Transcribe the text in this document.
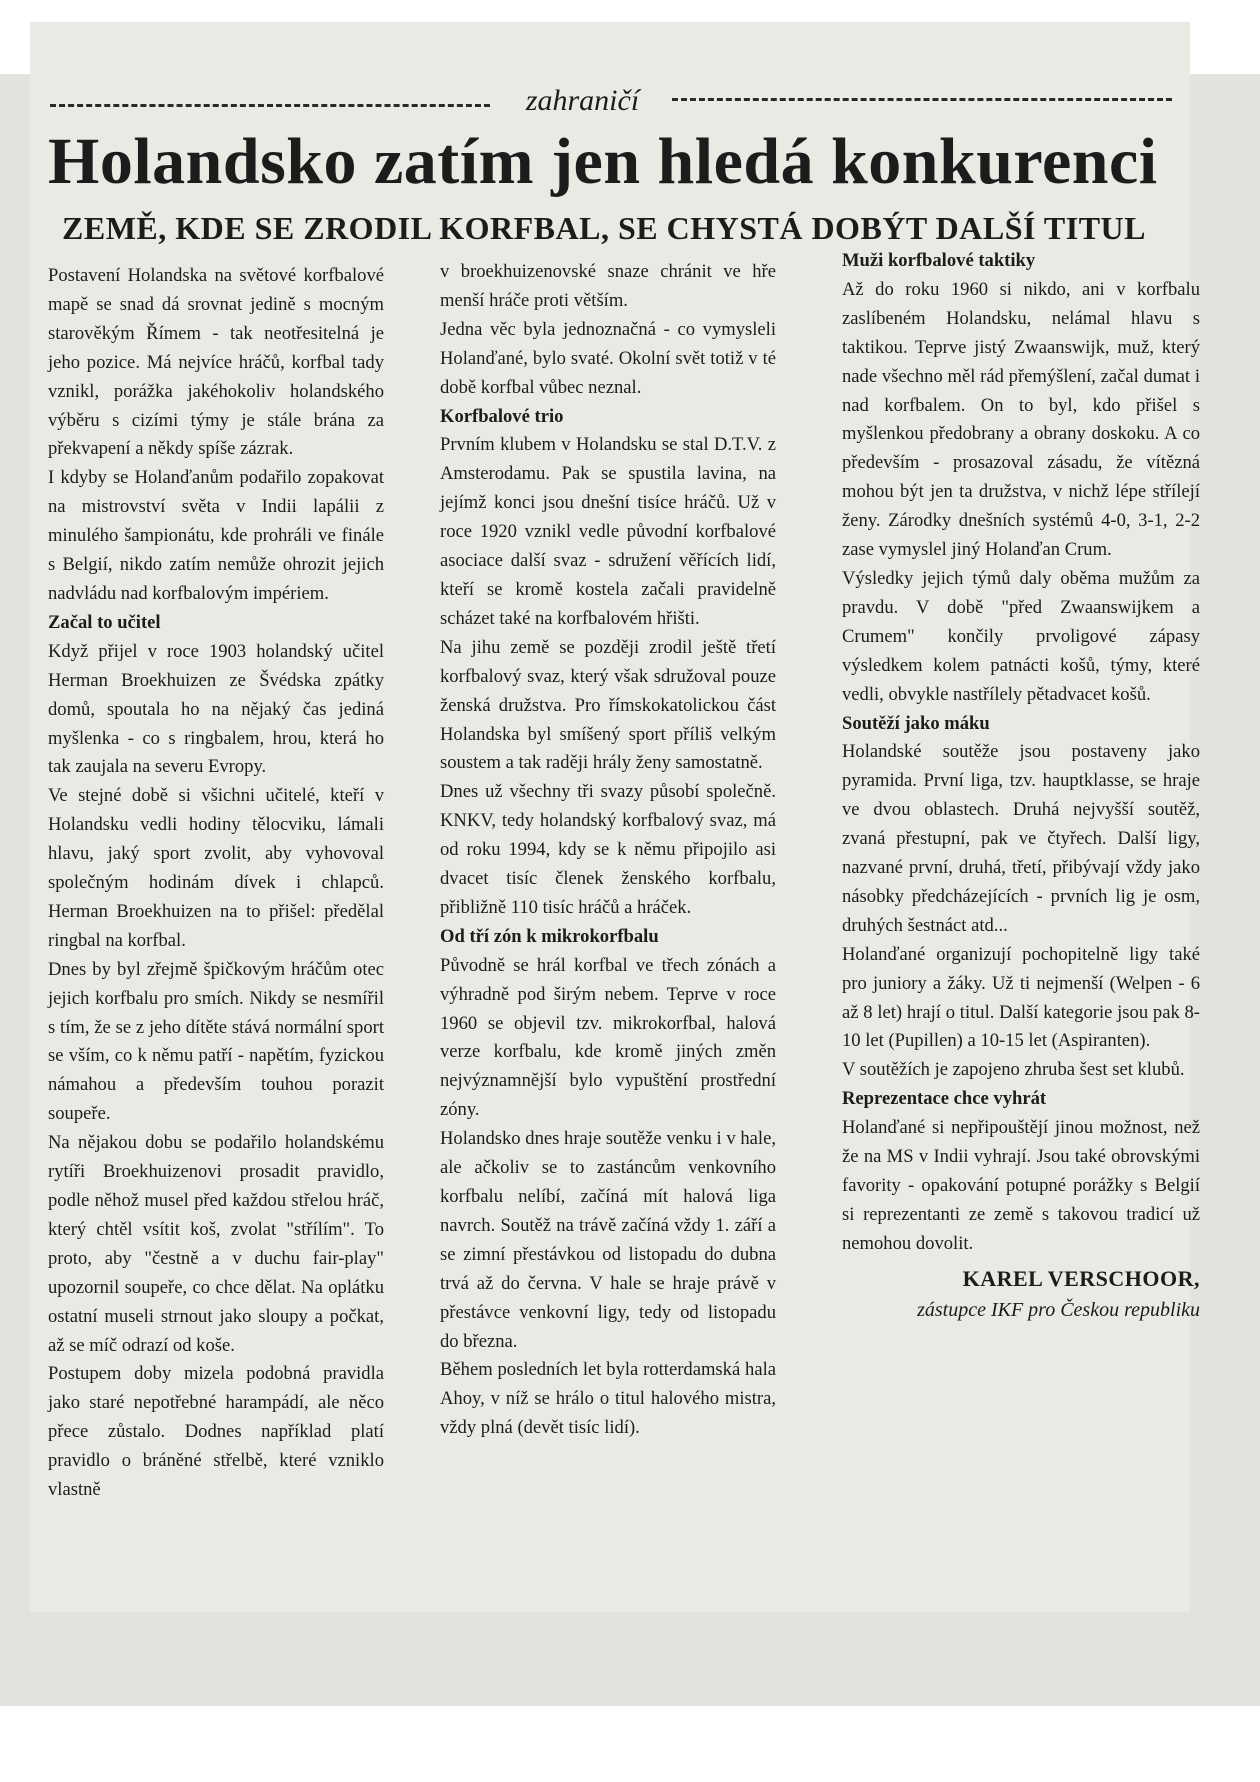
zahraničí
Holandsko zatím jen hledá konkurenci
ZEMĚ, KDE SE ZRODIL KORFBAL, SE CHYSTÁ DOBÝT DALŠÍ TITUL

Postavení Holandska na světové korfbalové mapě se snad dá srovnat jedině s mocným starověkým Římem - tak neotřesitelná je jeho pozice. Má nejvíce hráčů, korfbal tady vznikl, porážka jakéhokoliv holandského výběru s cizími týmy je stále brána za překvapení a někdy spíše zázrak.

I kdyby se Holanďanům podařilo zopakovat na mistrovství světa v Indii lapálii z minulého šampionátu, kde prohráli ve finále s Belgií, nikdo zatím nemůže ohrozit jejich nadvládu nad korfbalovým impériem.

Začal to učitel

Když přijel v roce 1903 holandský učitel Herman Broekhuizen ze Švédska zpátky domů, spoutala ho na nějaký čas jediná myšlenka - co s ringbalem, hrou, která ho tak zaujala na severu Evropy.

Ve stejné době si všichni učitelé, kteří v Holandsku vedli hodiny tělocviku, lámali hlavu, jaký sport zvolit, aby vyhovoval společným hodinám dívek i chlapců. Herman Broekhuizen na to přišel: předělal ringbal na korfbal.

Dnes by byl zřejmě špičkovým hráčům otec jejich korfbalu pro smích. Nikdy se nesmířil s tím, že se z jeho dítěte stává normální sport se vším, co k němu patří - napětím, fyzickou námahou a především touhou porazit soupeře.

Na nějakou dobu se podařilo holandskému rytíři Broekhuizenovi prosadit pravidlo, podle něhož musel před každou střelou hráč, který chtěl vsítit koš, zvolat "střílím". To proto, aby "čestně a v duchu fair-play" upozornil soupeře, co chce dělat. Na oplátku ostatní museli strnout jako sloupy a počkat, až se míč odrazí od koše.

Postupem doby mizela podobná pravidla jako staré nepotřebné harampádí, ale něco přece zůstalo. Dodnes například platí pravidlo o bráněné střelbě, které vzniklo vlastně

v broekhuizenovské snaze chránit ve hře menší hráče proti větším.

Jedna věc byla jednoznačná - co vymysleli Holanďané, bylo svaté. Okolní svět totiž v té době korfbal vůbec neznal.

Korfbalové trio

Prvním klubem v Holandsku se stal D.T.V. z Amsterodamu. Pak se spustila lavina, na jejímž konci jsou dnešní tisíce hráčů. Už v roce 1920 vznikl vedle původní korfbalové asociace další svaz - sdružení věřících lidí, kteří se kromě kostela začali pravidelně scházet také na korfbalovém hřišti.

Na jihu země se později zrodil ještě třetí korfbalový svaz, který však sdružoval pouze ženská družstva. Pro římskokatolickou část Holandska byl smíšený sport příliš velkým soustem a tak raději hrály ženy samostatně.

Dnes už všechny tři svazy působí společně. KNKV, tedy holandský korfbalový svaz, má od roku 1994, kdy se k němu připojilo asi dvacet tisíc členek ženského korfbalu, přibližně 110 tisíc hráčů a hráček.

Od tří zón k mikrokorfbalu

Původně se hrál korfbal ve třech zónách a výhradně pod širým nebem. Teprve v roce 1960 se objevil tzv. mikrokorfbal, halová verze korfbalu, kde kromě jiných změn nejvýznamnější bylo vypuštění prostřední zóny.

Holandsko dnes hraje soutěže venku i v hale, ale ačkoliv se to zastáncům venkovního korfbalu nelíbí, začíná mít halová liga navrch. Soutěž na trávě začíná vždy 1. září a se zimní přestávkou od listopadu do dubna trvá až do června. V hale se hraje právě v přestávce venkovní ligy, tedy od listopadu do března.

Během posledních let byla rotterdamská hala Ahoy, v níž se hrálo o titul halového mistra, vždy plná (devět tisíc lidí).

Muži korfbalové taktiky

Až do roku 1960 si nikdo, ani v korfbalu zaslíbeném Holandsku, nelámal hlavu s taktikou. Teprve jistý Zwaanswijk, muž, který nade všechno měl rád přemýšlení, začal dumat i nad korfbalem. On to byl, kdo přišel s myšlenkou předobrany a obrany doskoku. A co především - prosazoval zásadu, že vítězná mohou být jen ta družstva, v nichž lépe střílejí ženy. Zárodky dnešních systémů 4-0, 3-1, 2-2 zase vymyslel jiný Holanďan Crum.

Výsledky jejich týmů daly oběma mužům za pravdu. V době "před Zwaanswijkem a Crumem" končily prvoligové zápasy výsledkem kolem patnácti košů, týmy, které vedli, obvykle nastřílely pětadvacet košů.

Soutěží jako máku

Holandské soutěže jsou postaveny jako pyramida. První liga, tzv. hauptklasse, se hraje ve dvou oblastech. Druhá nejvyšší soutěž, zvaná přestupní, pak ve čtyřech. Další ligy, nazvané první, druhá, třetí, přibývají vždy jako násobky předcházejících - prvních lig je osm, druhých šestnáct atd...

Holanďané organizují pochopitelně ligy také pro juniory a žáky. Už ti nejmenší (Welpen - 6 až 8 let) hrají o titul. Další kategorie jsou pak 8-10 let (Pupillen) a 10-15 let (Aspiranten).

V soutěžích je zapojeno zhruba šest set klubů.

Reprezentace chce vyhrát

Holanďané si nepřipouštějí jinou možnost, než že na MS v Indii vyhrají. Jsou také obrovskými favority - opakování potupné porážky s Belgií si reprezentanti ze země s takovou tradicí už nemohou dovolit.

KAREL VERSCHOOR,
zástupce IKF pro Českou republiku
